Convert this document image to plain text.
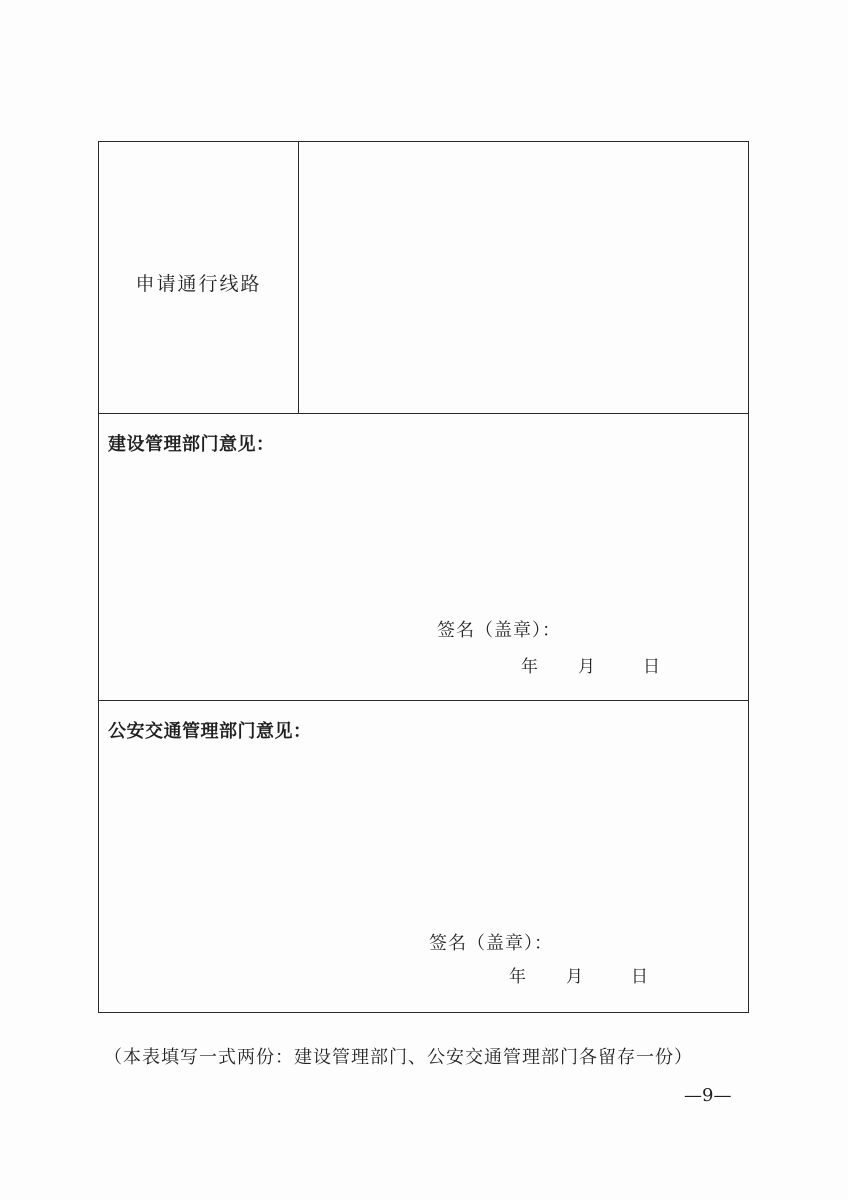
申请通行线路
建设管理部门意见：
签名（盖章）：
年 月	日
公安交通管理部门意见：
签名（盖章）：
年 月	日
（本表填写一式两份：建设管理部门、公安交通管理部门各留存一份）
—9—
